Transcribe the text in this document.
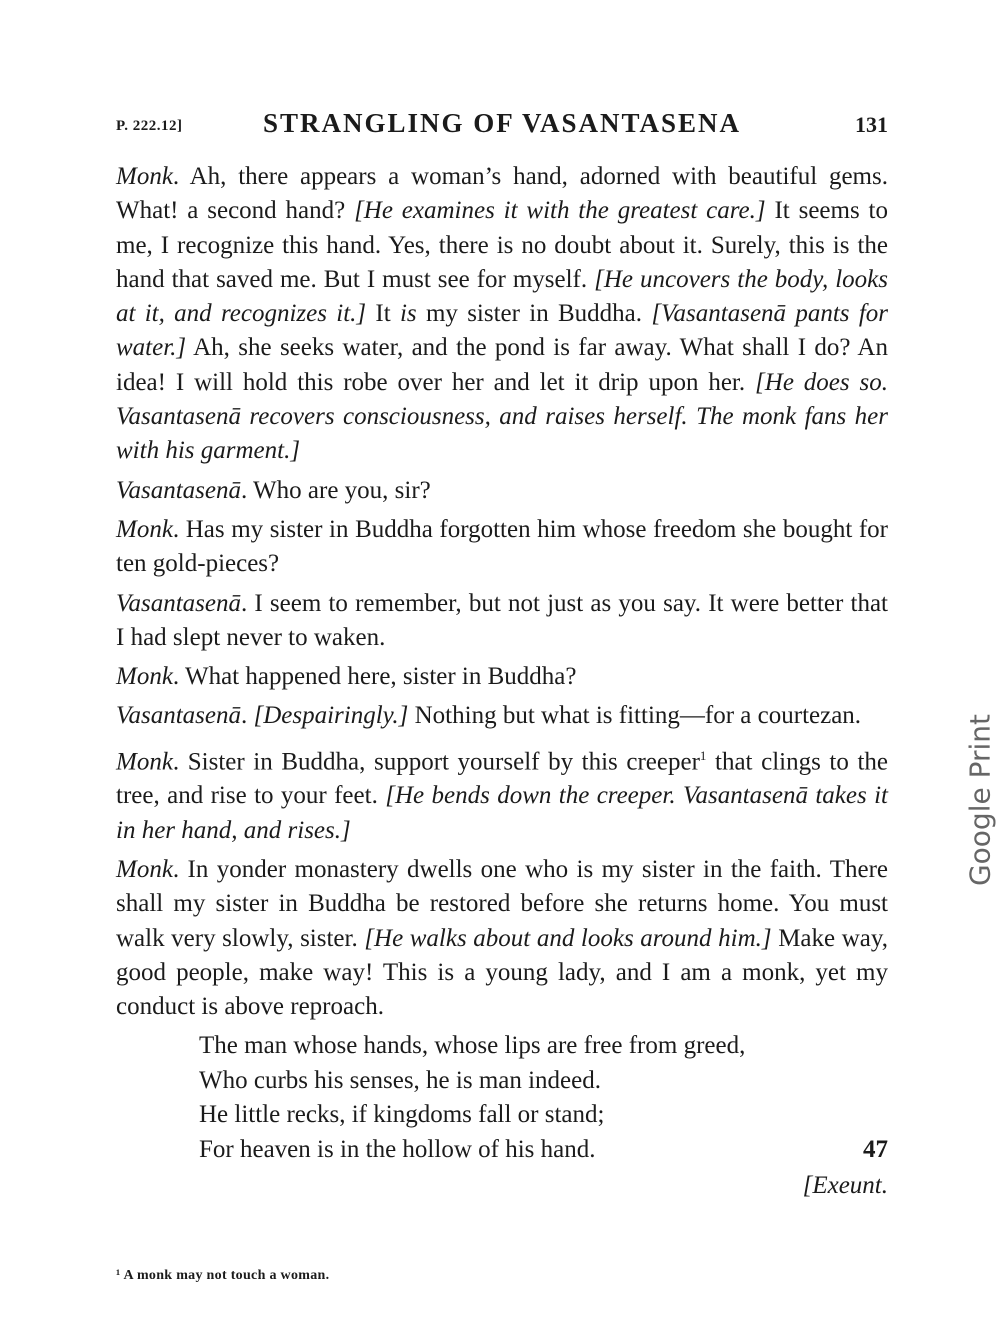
P. 222.12]	STRANGLING OF VASANTASENA	131

Monk. Ah, there appears a woman’s hand, adorned with beautiful gems. What! a second hand? [He examines it with the greatest care.] It seems to me, I recognize this hand. Yes, there is no doubt about it. Surely, this is the hand that saved me. But I must see for myself. [He uncovers the body, looks at it, and recognizes it.] It is my sister in Buddha. [Vasantasenā pants for water.] Ah, she seeks water, and the pond is far away. What shall I do? An idea! I will hold this robe over her and let it drip upon her. [He does so. Vasantasenā recovers consciousness, and raises herself. The monk fans her with his garment.]

Vasantasenā. Who are you, sir?

Monk. Has my sister in Buddha forgotten him whose freedom she bought for ten gold-pieces?

Vasantasenā. I seem to remember, but not just as you say. It were better that I had slept never to waken.

Monk. What happened here, sister in Buddha?

Vasantasenā. [Despairingly.] Nothing but what is fitting—for a courtezan.

Monk. Sister in Buddha, support yourself by this creeper$^1$ that clings to the tree, and rise to your feet. [He bends down the creeper. Vasantasenā takes it in her hand, and rises.]

Monk. In yonder monastery dwells one who is my sister in the faith. There shall my sister in Buddha be restored before she returns home. You must walk very slowly, sister. [He walks about and looks around him.] Make way, good people, make way! This is a young lady, and I am a monk, yet my conduct is above reproach.

The man whose hands, whose lips are free from greed,
Who curbs his senses, he is man indeed.
He little recks, if kingdoms fall or stand;
For heaven is in the hollow of his hand.	47
[Exeunt.
¹ A monk may not touch a woman.
Google Print
